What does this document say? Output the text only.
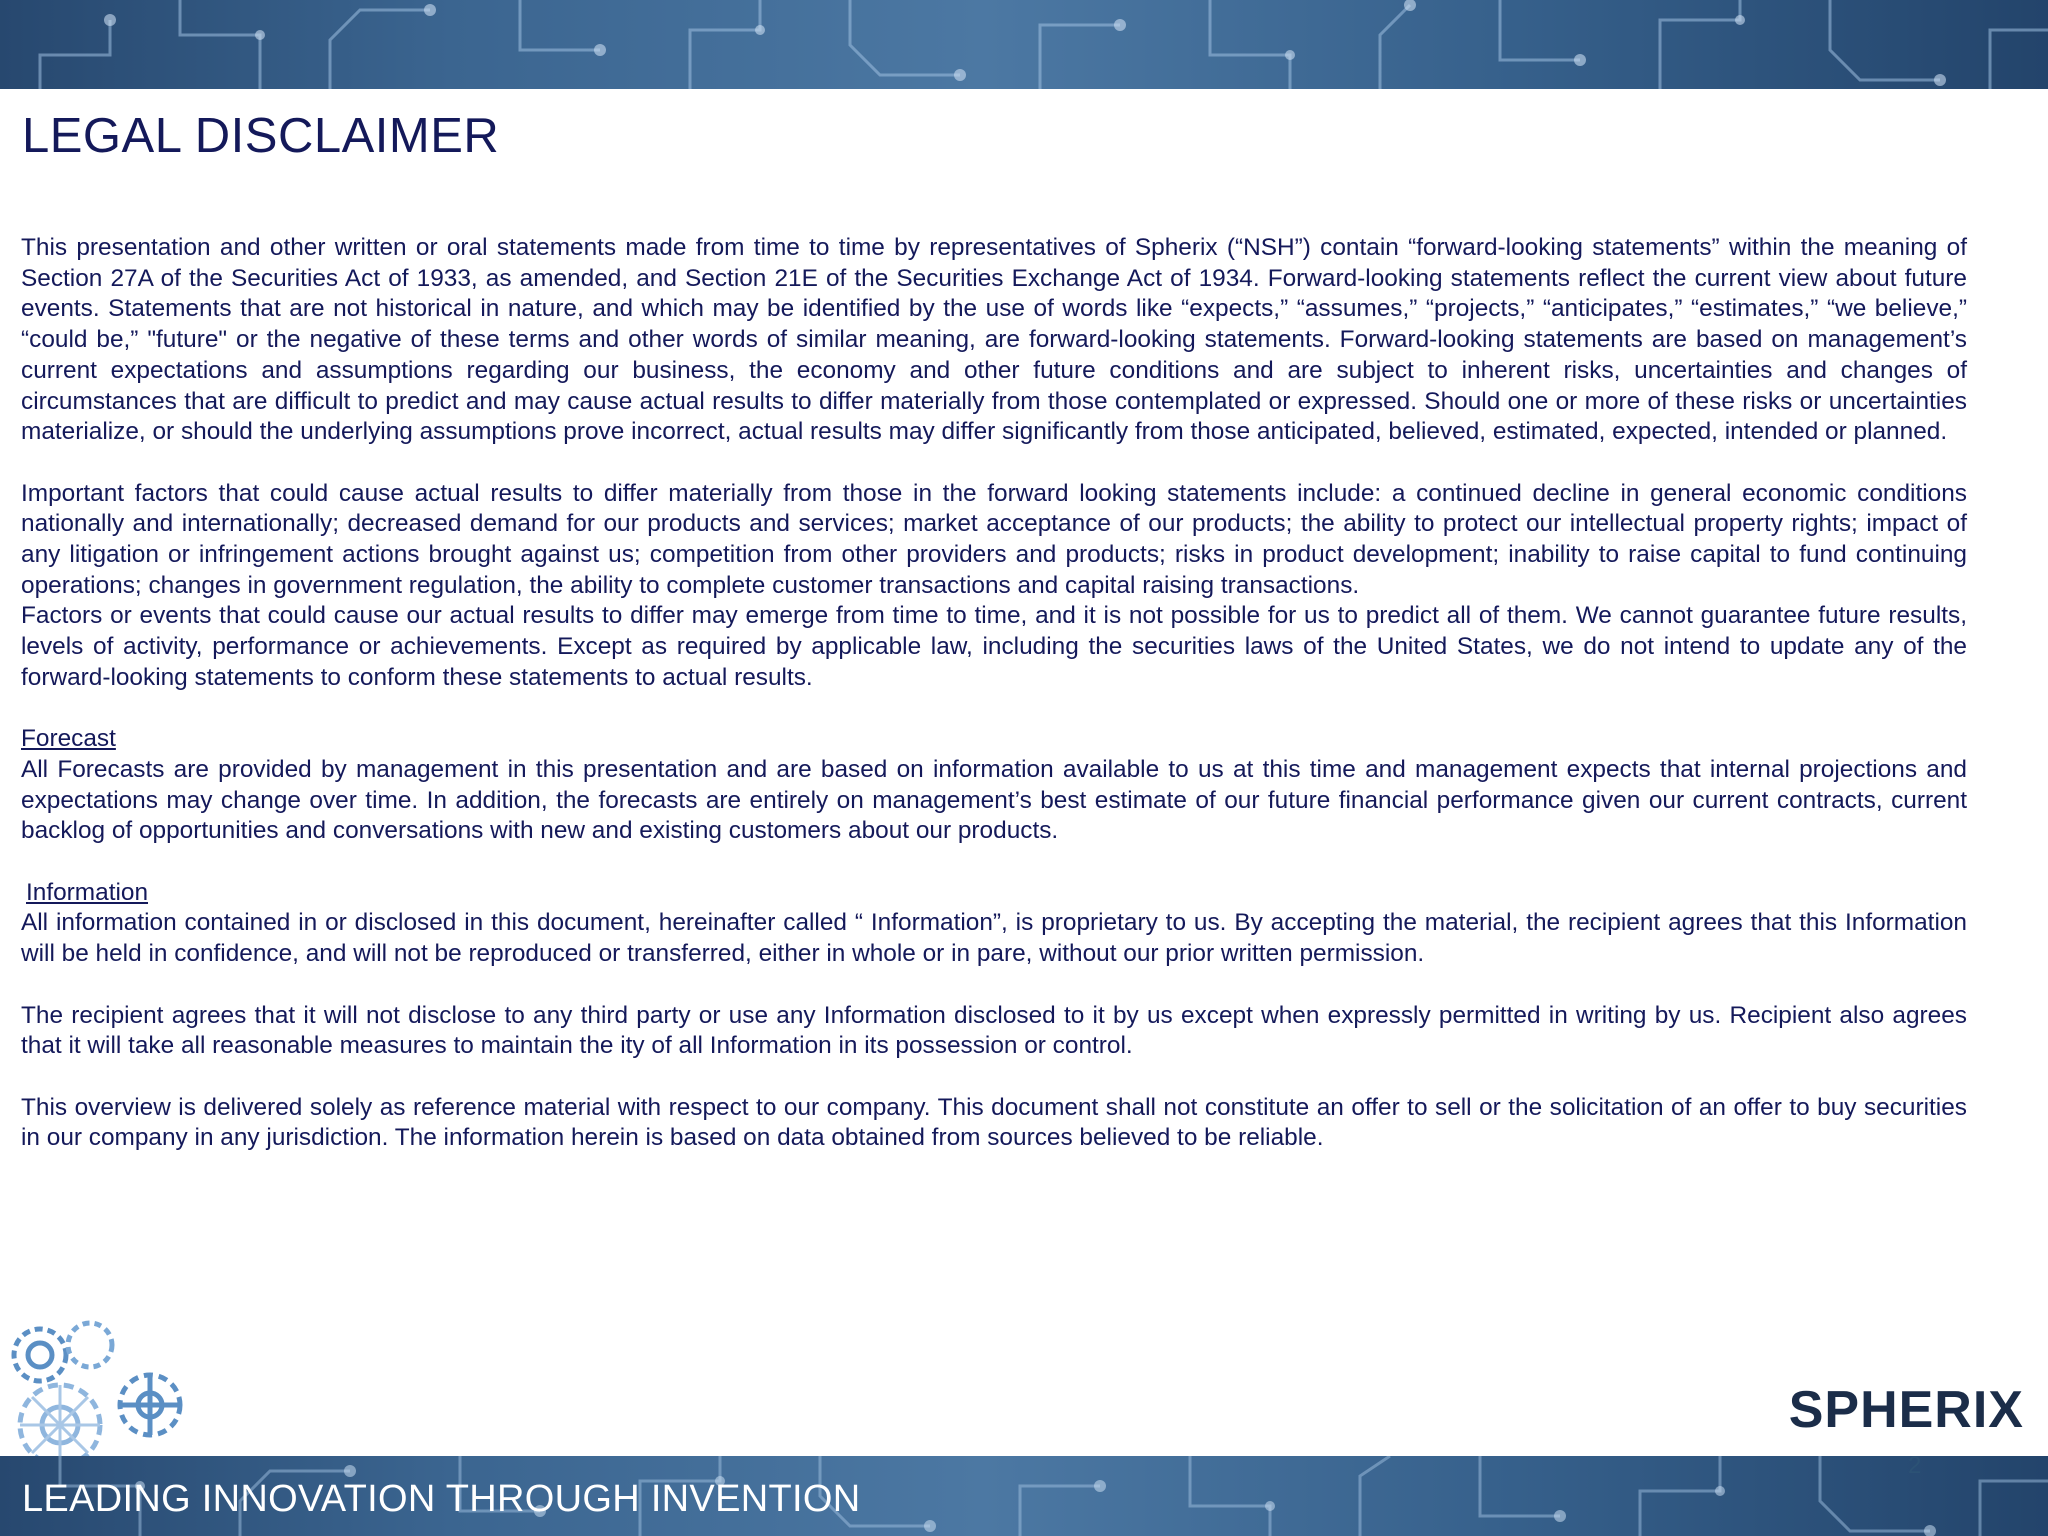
LEGAL DISCLAIMER

This presentation and other written or oral statements made from time to time by representatives of Spherix (“NSH”) contain “forward-looking statements” within the meaning of Section 27A of the Securities Act of 1933, as amended, and Section 21E of the Securities Exchange Act of 1934. Forward-looking statements reflect the current view about future events. Statements that are not historical in nature, and which may be identified by the use of words like “expects,” “assumes,” “projects,” “anticipates,” “estimates,” “we believe,” “could be,” "future" or the negative of these terms and other words of similar meaning, are forward-looking statements. Forward-looking statements are based on management’s current expectations and assumptions regarding our business, the economy and other future conditions and are subject to inherent risks, uncertainties and changes of circumstances that are difficult to predict and may cause actual results to differ materially from those contemplated or expressed. Should one or more of these risks or uncertainties materialize, or should the underlying assumptions prove incorrect, actual results may differ significantly from those anticipated, believed, estimated, expected, intended or planned.

Important factors that could cause actual results to differ materially from those in the forward looking statements include: a continued decline in general economic conditions nationally and internationally; decreased demand for our products and services; market acceptance of our products; the ability to protect our intellectual property rights; impact of any litigation or infringement actions brought against us; competition from other providers and products; risks in product development; inability to raise capital to fund continuing operations; changes in government regulation, the ability to complete customer transactions and capital raising transactions.

Factors or events that could cause our actual results to differ may emerge from time to time, and it is not possible for us to predict all of them. We cannot guarantee future results, levels of activity, performance or achievements. Except as required by applicable law, including the securities laws of the United States, we do not intend to update any of the forward-looking statements to conform these statements to actual results.

Forecast

All Forecasts are provided by management in this presentation and are based on information available to us at this time and management expects that internal projections and expectations may change over time. In addition, the forecasts are entirely on management’s best estimate of our future financial performance given our current contracts, current backlog of opportunities and conversations with new and existing customers about our products.

Information

All information contained in or disclosed in this document, hereinafter called “ Information”, is proprietary to us. By accepting the material, the recipient agrees that this Information will be held in confidence, and will not be reproduced or transferred, either in whole or in pare, without our prior written permission.

The recipient agrees that it will not disclose to any third party or use any Information disclosed to it by us except when expressly permitted in writing by us. Recipient also agrees that it will take all reasonable measures to maintain the ity of all Information in its possession or control.

This overview is delivered solely as reference material with respect to our company. This document shall not constitute an offer to sell or the solicitation of an offer to buy securities in our company in any jurisdiction. The information herein is based on data obtained from sources believed to be reliable.

SPHERIX
2
LEADING INNOVATION THROUGH INVENTION
